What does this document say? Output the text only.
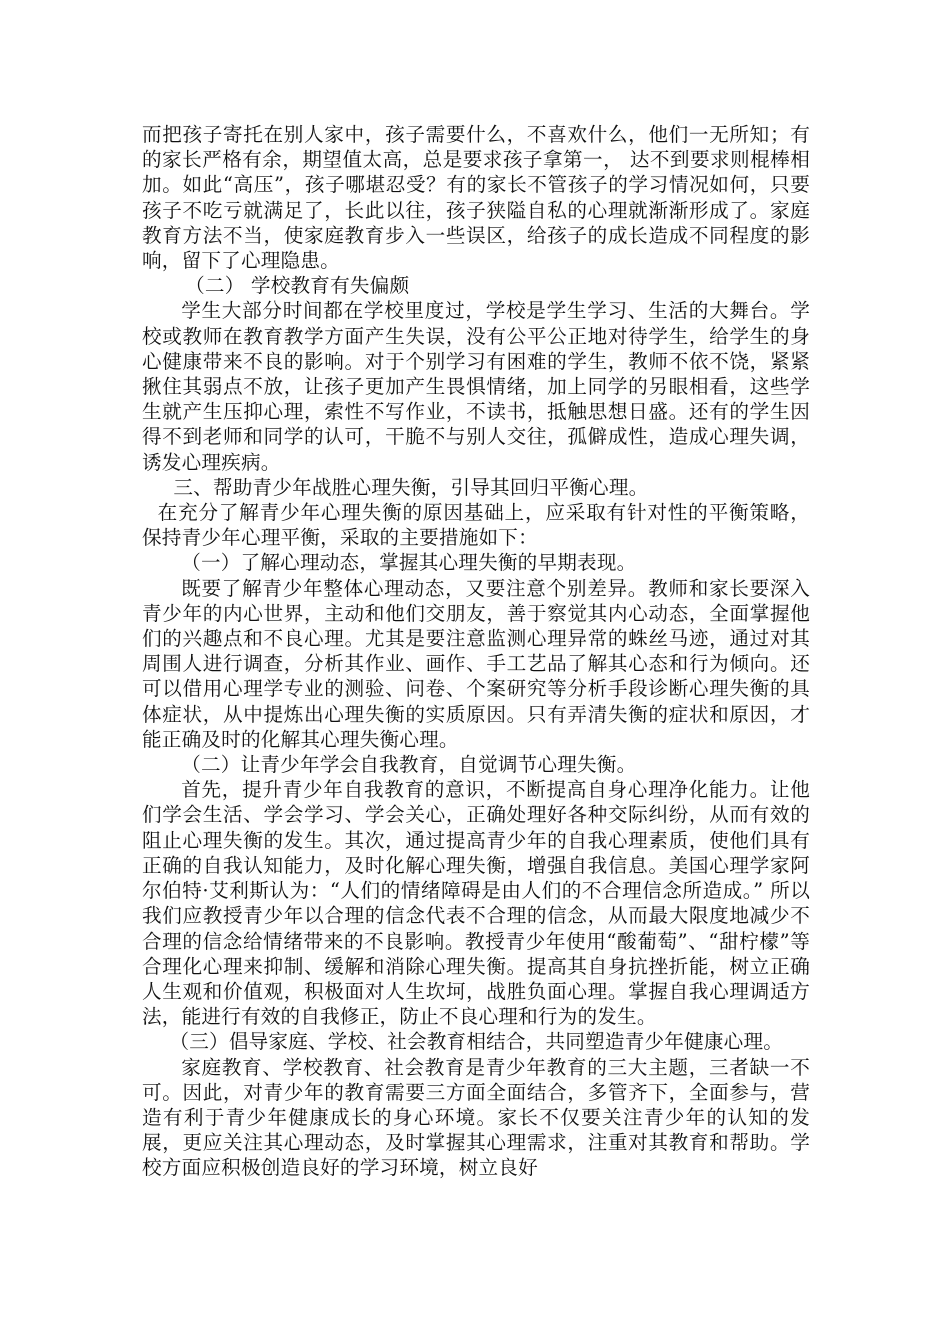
而把孩子寄托在别人家中，孩子需要什么，不喜欢什么，他们一无所知；有的家长严格有余，期望值太高，总是要求孩子拿第一， 达不到要求则棍棒相加。如此“高压”，孩子哪堪忍受？有的家长不管孩子的学习情况如何，只要孩子不吃亏就满足了，长此以往，孩子狭隘自私的心理就渐渐形成了。家庭教育方法不当，使家庭教育步入一些误区，给孩子的成长造成不同程度的影响，留下了心理隐患。

（二） 学校教育有失偏颇

学生大部分时间都在学校里度过，学校是学生学习、生活的大舞台。学校或教师在教育教学方面产生失误，没有公平公正地对待学生，给学生的身心健康带来不良的影响。对于个别学习有困难的学生，教师不依不饶，紧紧揪住其弱点不放，让孩子更加产生畏惧情绪，加上同学的另眼相看，这些学生就产生压抑心理，索性不写作业，不读书，抵触思想日盛。还有的学生因得不到老师和同学的认可，干脆不与别人交往，孤僻成性，造成心理失调，诱发心理疾病。

三、帮助青少年战胜心理失衡，引导其回归平衡心理。

在充分了解青少年心理失衡的原因基础上，应采取有针对性的平衡策略，保持青少年心理平衡，采取的主要措施如下：

（一）了解心理动态，掌握其心理失衡的早期表现。

既要了解青少年整体心理动态，又要注意个别差异。教师和家长要深入青少年的内心世界，主动和他们交朋友，善于察觉其内心动态，全面掌握他们的兴趣点和不良心理。尤其是要注意监测心理异常的蛛丝马迹，通过对其周围人进行调查，分析其作业、画作、手工艺品了解其心态和行为倾向。还可以借用心理学专业的测验、问卷、个案研究等分析手段诊断心理失衡的具体症状，从中提炼出心理失衡的实质原因。只有弄清失衡的症状和原因，才能正确及时的化解其心理失衡心理。

（二）让青少年学会自我教育，自觉调节心理失衡。

首先，提升青少年自我教育的意识，不断提高自身心理净化能力。让他们学会生活、学会学习、学会关心，正确处理好各种交际纠纷，从而有效的阻止心理失衡的发生。其次，通过提高青少年的自我心理素质，使他们具有正确的自我认知能力，及时化解心理失衡，增强自我信息。美国心理学家阿尔伯特·艾利斯认为：“人们的情绪障碍是由人们的不合理信念所造成。” 所以我们应教授青少年以合理的信念代表不合理的信念，从而最大限度地减少不合理的信念给情绪带来的不良影响。教授青少年使用“酸葡萄”、“甜柠檬”等合理化心理来抑制、缓解和消除心理失衡。提高其自身抗挫折能，树立正确人生观和价值观，积极面对人生坎坷，战胜负面心理。掌握自我心理调适方法，能进行有效的自我修正，防止不良心理和行为的发生。

（三）倡导家庭、学校、社会教育相结合，共同塑造青少年健康心理。

家庭教育、学校教育、社会教育是青少年教育的三大主题，三者缺一不可。因此，对青少年的教育需要三方面全面结合，多管齐下，全面参与，营造有利于青少年健康成长的身心环境。家长不仅要关注青少年的认知的发展，更应关注其心理动态，及时掌握其心理需求，注重对其教育和帮助。学校方面应积极创造良好的学习环境，树立良好
